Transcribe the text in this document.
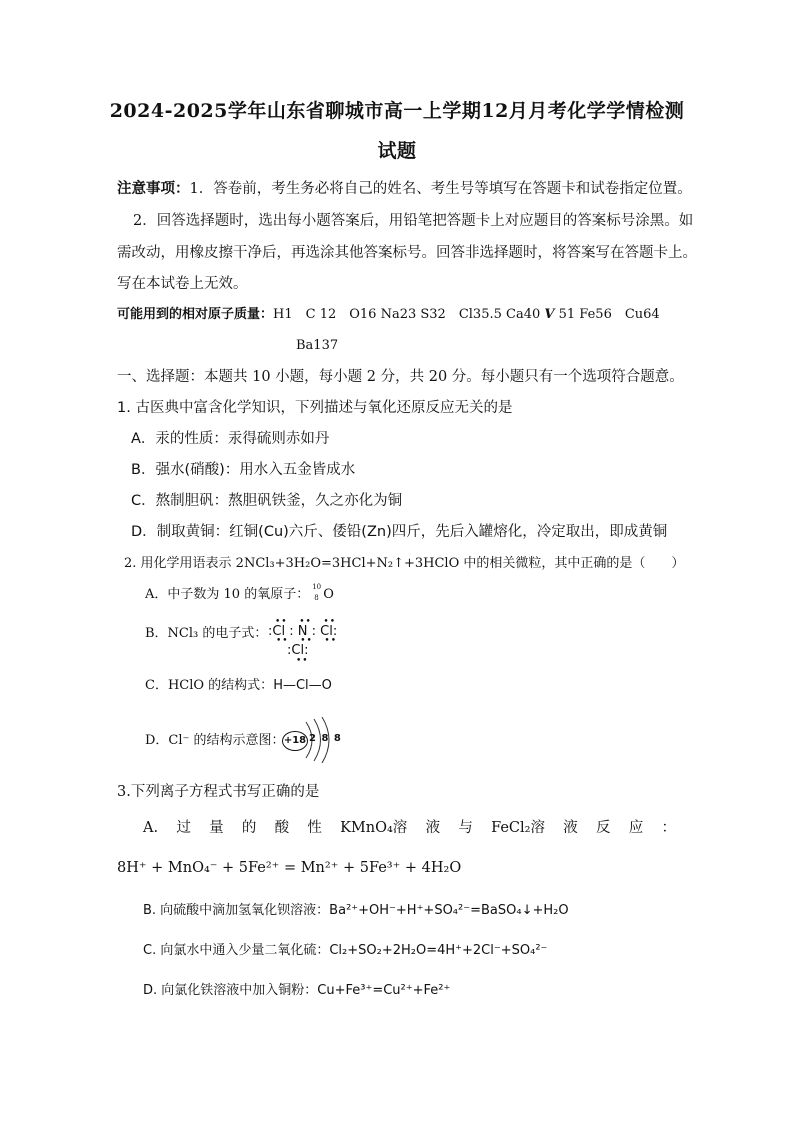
2024-2025学年山东省聊城市高一上学期12月月考化学学情检测
试题
注意事项：1．答卷前，考生务必将自己的姓名、考生号等填写在答题卡和试卷指定位置。
2．回答选择题时，选出每小题答案后，用铅笔把答题卡上对应题目的答案标号涂黑。如
需改动，用橡皮擦干净后，再选涂其他答案标号。回答非选择题时，将答案写在答题卡上。
写在本试卷上无效。
可能用到的相对原子质量：H1　C 12　O16 Na23 S32　Cl35.5 Ca40 V 51 Fe56　Cu64
Ba137
一、选择题：本题共 10 小题，每小题 2 分，共 20 分。每小题只有一个选项符合题意。
1. 古医典中富含化学知识，下列描述与氧化还原反应无关的是
A．汞的性质：汞得硫则赤如丹
B．强水(硝酸)：用水入五金皆成水
C．熬制胆矾：熬胆矾铁釜，久之亦化为铜
D．制取黄铜：红铜(Cu)六斤、倭铅(Zn)四斤，先后入罐熔化，冷定取出，即成黄铜
2. 用化学用语表示 2NCl₃+3H₂O=3HCl+N₂↑+3HClO 中的相关微粒，其中正确的是（　　）
A．中子数为 10 的氧原子： 10
8 O
B．NCl₃ 的电子式：
••   ••   ••
:Cl : N : Cl:
••   ••   ••
:Cl:
••
C．HClO 的结构式：H—Cl—O
D．Cl⁻ 的结构示意图： +18 2 8 8
3.下列离子方程式书写正确的是
A. 过 量 的 酸 性 KMnO₄溶 液 与 FeCl₂溶 液 反 应 ：
8H⁺ + MnO₄⁻ + 5Fe²⁺ = Mn²⁺ + 5Fe³⁺ + 4H₂O
B. 向硫酸中滴加氢氧化钡溶液：Ba²⁺+OH⁻+H⁺+SO₄²⁻=BaSO₄↓+H₂O
C. 向氯水中通入少量二氧化硫：Cl₂+SO₂+2H₂O=4H⁺+2Cl⁻+SO₄²⁻
D. 向氯化铁溶液中加入铜粉：Cu+Fe³⁺=Cu²⁺+Fe²⁺
